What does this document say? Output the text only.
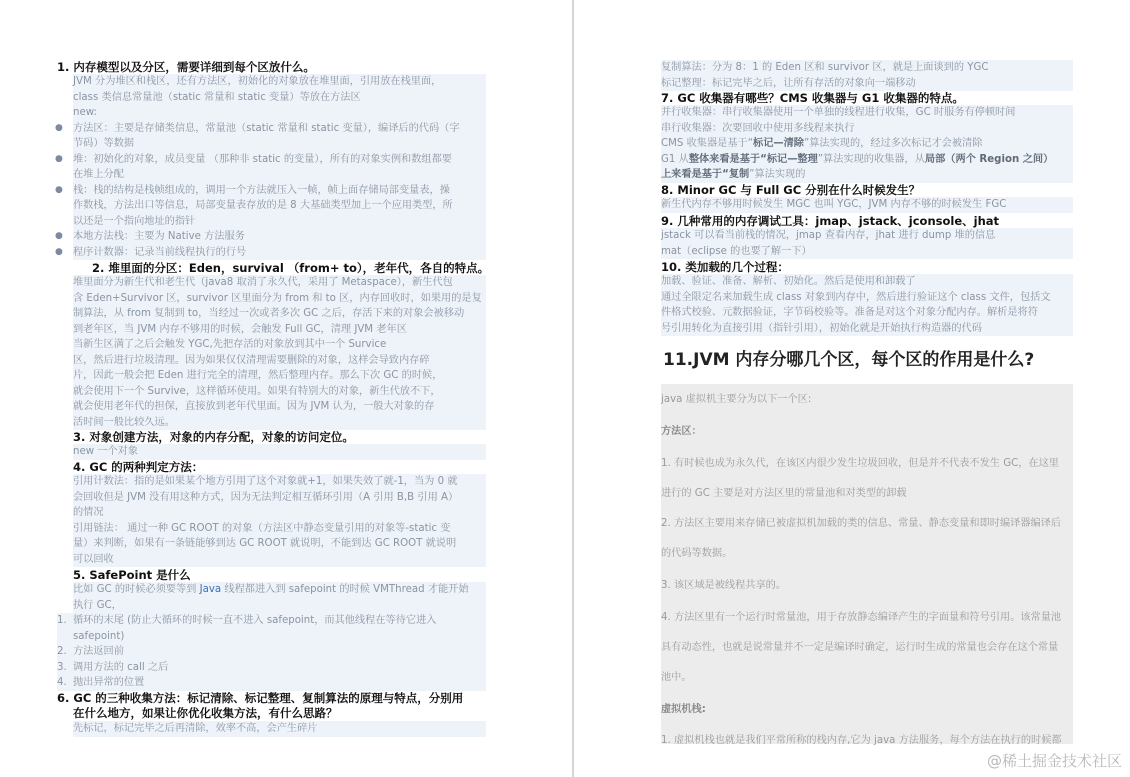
1. 内存模型以及分区，需要详细到每个区放什么。
JVM 分为堆区和栈区，还有方法区，初始化的对象放在堆里面，引用放在栈里面，
class 类信息常量池（static 常量和 static 变量）等放在方法区
new:
● 方法区：主要是存储类信息，常量池（static 常量和 static 变量），编译后的代码（字
节码）等数据
● 堆：初始化的对象，成员变量 （那种非 static 的变量），所有的对象实例和数组都要
在堆上分配
● 栈：栈的结构是栈帧组成的，调用一个方法就压入一帧，帧上面存储局部变量表，操
作数栈，方法出口等信息，局部变量表存放的是 8 大基础类型加上一个应用类型，所
以还是一个指向地址的指针
● 本地方法栈：主要为 Native 方法服务
● 程序计数器：记录当前线程执行的行号
2. 堆里面的分区：Eden，survival （from+ to），老年代，各自的特点。
堆里面分为新生代和老生代（java8 取消了永久代，采用了 Metaspace），新生代包
含 Eden+Survivor 区，survivor 区里面分为 from 和 to 区，内存回收时，如果用的是复
制算法，从 from 复制到 to，当经过一次或者多次 GC 之后，存活下来的对象会被移动
到老年区，当 JVM 内存不够用的时候，会触发 Full GC，清理 JVM 老年区
当新生区满了之后会触发 YGC,先把存活的对象放到其中一个 Survice
区，然后进行垃圾清理。因为如果仅仅清理需要删除的对象，这样会导致内存碎
片，因此一般会把 Eden 进行完全的清理，然后整理内存。那么下次 GC 的时候，
就会使用下一个 Survive，这样循环使用。如果有特别大的对象，新生代放不下，
就会使用老年代的担保，直接放到老年代里面。因为 JVM 认为，一般大对象的存
活时间一般比较久远。
3. 对象创建方法，对象的内存分配，对象的访问定位。
new 一个对象
4. GC 的两种判定方法：
引用计数法：指的是如果某个地方引用了这个对象就+1，如果失效了就-1，当为 0 就
会回收但是 JVM 没有用这种方式，因为无法判定相互循环引用（A 引用 B,B 引用 A）
的情况
引用链法： 通过一种 GC ROOT 的对象（方法区中静态变量引用的对象等-static 变
量）来判断，如果有一条链能够到达 GC ROOT 就说明，不能到达 GC ROOT 就说明
可以回收
5. SafePoint 是什么
比如 GC 的时候必须要等到 Java 线程都进入到 safepoint 的时候 VMThread 才能开始
执行 GC，
1. 循环的末尾 (防止大循环的时候一直不进入 safepoint，而其他线程在等待它进入
safepoint)
2. 方法返回前
3. 调用方法的 call 之后
4. 抛出异常的位置
6. GC 的三种收集方法：标记清除、标记整理、复制算法的原理与特点，分别用
在什么地方，如果让你优化收集方法，有什么思路？
先标记，标记完毕之后再清除，效率不高，会产生碎片
复制算法：分为 8：1 的 Eden 区和 survivor 区，就是上面谈到的 YGC
标记整理：标记完毕之后，让所有存活的对象向一端移动
7. GC 收集器有哪些？CMS 收集器与 G1 收集器的特点。
并行收集器：串行收集器使用一个单独的线程进行收集，GC 时服务有停顿时间
串行收集器：次要回收中使用多线程来执行
CMS 收集器是基于“标记—清除”算法实现的，经过多次标记才会被清除
G1 从整体来看是基于“标记—整理”算法实现的收集器，从局部（两个 Region 之间）
上来看是基于“复制”算法实现的
8. Minor GC 与 Full GC 分别在什么时候发生？
新生代内存不够用时候发生 MGC 也叫 YGC，JVM 内存不够的时候发生 FGC
9. 几种常用的内存调试工具：jmap、jstack、jconsole、jhat
jstack 可以看当前栈的情况，jmap 查看内存，jhat 进行 dump 堆的信息
mat（eclipse 的也要了解一下）
10. 类加载的几个过程：
加载、验证、准备、解析、初始化。然后是使用和卸载了
通过全限定名来加载生成 class 对象到内存中，然后进行验证这个 class 文件，包括文
件格式校验、元数据验证，字节码校验等。准备是对这个对象分配内存。解析是将符
号引用转化为直接引用（指针引用），初始化就是开始执行构造器的代码
11.JVM 内存分哪几个区，每个区的作用是什么?
java 虚拟机主要分为以下一个区:
方法区：
1. 有时候也成为永久代，在该区内很少发生垃圾回收，但是并不代表不发生 GC，在这里
进行的 GC 主要是对方法区里的常量池和对类型的卸载
2. 方法区主要用来存储已被虚拟机加载的类的信息、常量、静态变量和即时编译器编译后
的代码等数据。
3. 该区域是被线程共享的。
4. 方法区里有一个运行时常量池，用于存放静态编译产生的字面量和符号引用。该常量池
具有动态性，也就是说常量并不一定是编译时确定，运行时生成的常量也会存在这个常量
池中。
虚拟机栈:
1. 虚拟机栈也就是我们平常所称的栈内存,它为 java 方法服务，每个方法在执行的时候都
@稀土掘金技术社区
